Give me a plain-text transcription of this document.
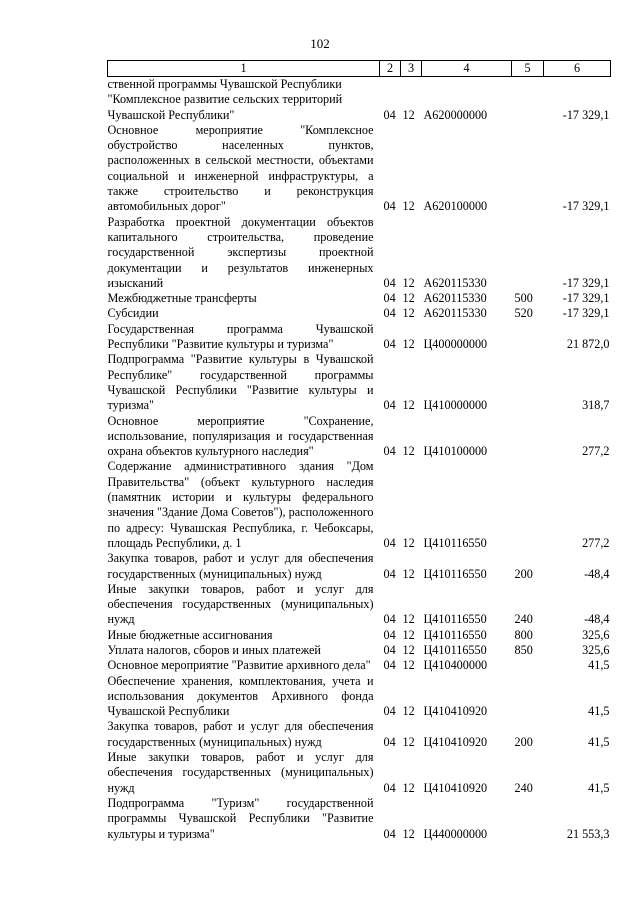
102
1	2	3	4	5	6
ственной программы Чувашской Республики "Комплексное развитие сельских территорий Чувашской Республики"	04	12	А620000000		-17 329,1
Основное мероприятие "Комплексное обустройство населенных пунктов, расположенных в сельской местности, объектами социальной и инженерной инфраструктуры, а также строительство и реконструкция автомобильных дорог"	04	12	А620100000		-17 329,1
Разработка проектной документации объектов капитального строительства, проведение государственной экспертизы проектной документации и результатов инженерных изысканий	04	12	А620115330		-17 329,1
Межбюджетные трансферты	04	12	А620115330	500	-17 329,1
Субсидии	04	12	А620115330	520	-17 329,1
Государственная программа Чувашской Республики "Развитие культуры и туризма"	04	12	Ц400000000		21 872,0
Подпрограмма "Развитие культуры в Чувашской Республике" государственной программы Чувашской Республики "Развитие культуры и туризма"	04	12	Ц410000000		318,7
Основное мероприятие "Сохранение, использование, популяризация и государственная охрана объектов культурного наследия"	04	12	Ц410100000		277,2
Содержание административного здания "Дом Правительства" (объект культурного наследия (памятник истории и культуры федерального значения "Здание Дома Советов"), расположенного по адресу: Чувашская Республика, г. Чебоксары, площадь Республики, д. 1	04	12	Ц410116550		277,2
Закупка товаров, работ и услуг для обеспечения государственных (муниципальных) нужд	04	12	Ц410116550	200	-48,4
Иные закупки товаров, работ и услуг для обеспечения государственных (муниципальных) нужд	04	12	Ц410116550	240	-48,4
Иные бюджетные ассигнования	04	12	Ц410116550	800	325,6
Уплата налогов, сборов и иных платежей	04	12	Ц410116550	850	325,6
Основное мероприятие "Развитие архивного дела"	04	12	Ц410400000		41,5
Обеспечение хранения, комплектования, учета и использования документов Архивного фонда Чувашской Республики	04	12	Ц410410920		41,5
Закупка товаров, работ и услуг для обеспечения государственных (муниципальных) нужд	04	12	Ц410410920	200	41,5
Иные закупки товаров, работ и услуг для обеспечения государственных (муниципальных) нужд	04	12	Ц410410920	240	41,5
Подпрограмма "Туризм" государственной программы Чувашской Республики "Развитие культуры и туризма"	04	12	Ц440000000		21 553,3
